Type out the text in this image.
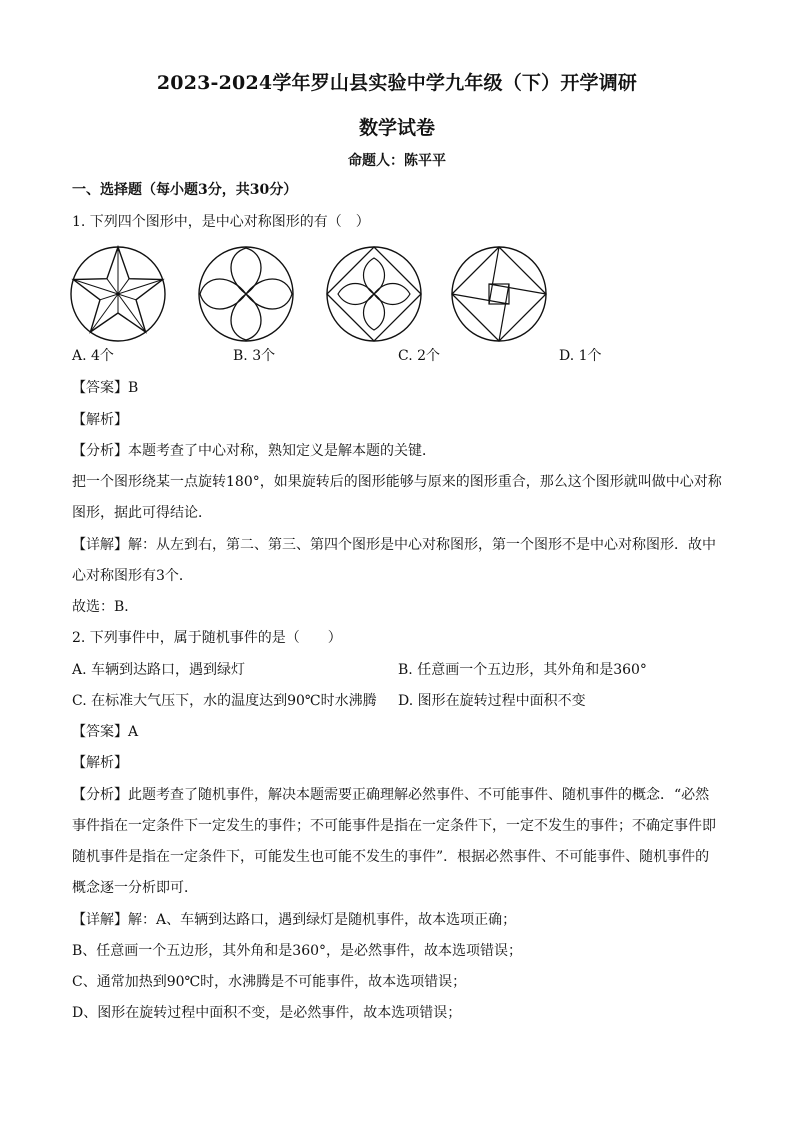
2023-2024学年罗山县实验中学九年级（下）开学调研
数学试卷
命题人：陈平平
一、选择题（每小题3分，共30分）
1. 下列四个图形中，是中心对称图形的有（　）
A. 4个	B. 3个	C. 2个	D. 1个
【答案】B
【解析】
【分析】本题考查了中心对称，熟知定义是解本题的关键．
把一个图形绕某一点旋转180°，如果旋转后的图形能够与原来的图形重合，那么这个图形就叫做中心对称
图形，据此可得结论．
【详解】解：从左到右，第二、第三、第四个图形是中心对称图形，第一个图形不是中心对称图形．故中
心对称图形有3个．
故选：B．
2. 下列事件中，属于随机事件的是（　　）
A. 车辆到达路口，遇到绿灯	B. 任意画一个五边形，其外角和是360°
C. 在标准大气压下，水的温度达到90℃时水沸腾 D. 图形在旋转过程中面积不变
【答案】A
【解析】
【分析】此题考查了随机事件，解决本题需要正确理解必然事件、不可能事件、随机事件的概念．“必然
事件指在一定条件下一定发生的事件；不可能事件是指在一定条件下，一定不发生的事件；不确定事件即
随机事件是指在一定条件下，可能发生也可能不发生的事件”．根据必然事件、不可能事件、随机事件的
概念逐一分析即可．
【详解】解：A、车辆到达路口，遇到绿灯是随机事件，故本选项正确；
B、任意画一个五边形，其外角和是360°，是必然事件，故本选项错误；
C、通常加热到90℃时，水沸腾是不可能事件，故本选项错误；
D、图形在旋转过程中面积不变，是必然事件，故本选项错误；
